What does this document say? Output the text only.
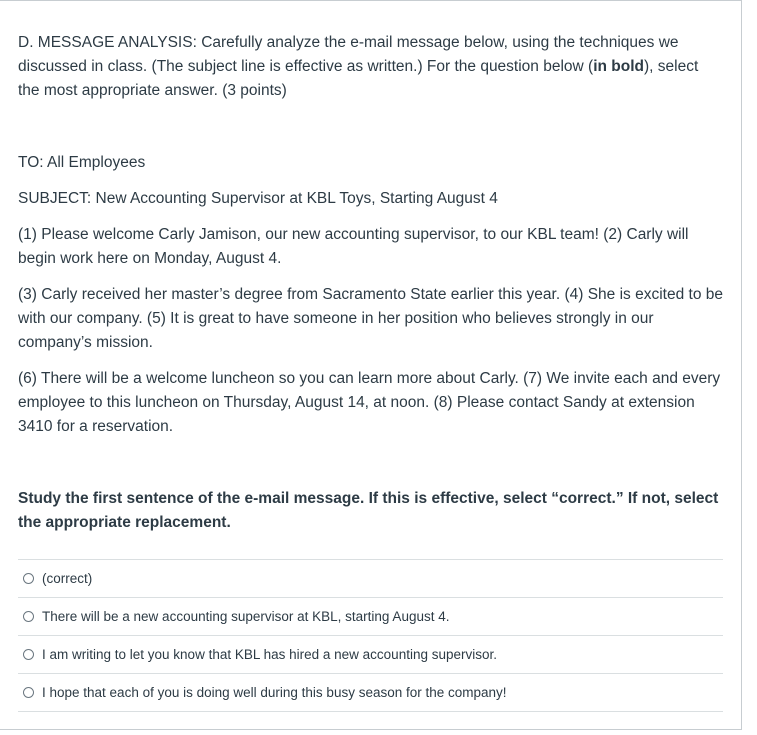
D. MESSAGE ANALYSIS: Carefully analyze the e-mail message below, using the techniques we discussed in class. (The subject line is effective as written.) For the question below (in bold), select the most appropriate answer. (3 points)

TO: All Employees

SUBJECT: New Accounting Supervisor at KBL Toys, Starting August 4

(1) Please welcome Carly Jamison, our new accounting supervisor, to our KBL team! (2) Carly will begin work here on Monday, August 4.

(3) Carly received her master’s degree from Sacramento State earlier this year. (4) She is excited to be with our company. (5) It is great to have someone in her position who believes strongly in our company’s mission.

(6) There will be a welcome luncheon so you can learn more about Carly. (7) We invite each and every employee to this luncheon on Thursday, August 14, at noon. (8) Please contact Sandy at extension 3410 for a reservation.

Study the first sentence of the e-mail message. If this is effective, select “correct.” If not, select the appropriate replacement.

(correct)
There will be a new accounting supervisor at KBL, starting August 4.
I am writing to let you know that KBL has hired a new accounting supervisor.
I hope that each of you is doing well during this busy season for the company!
